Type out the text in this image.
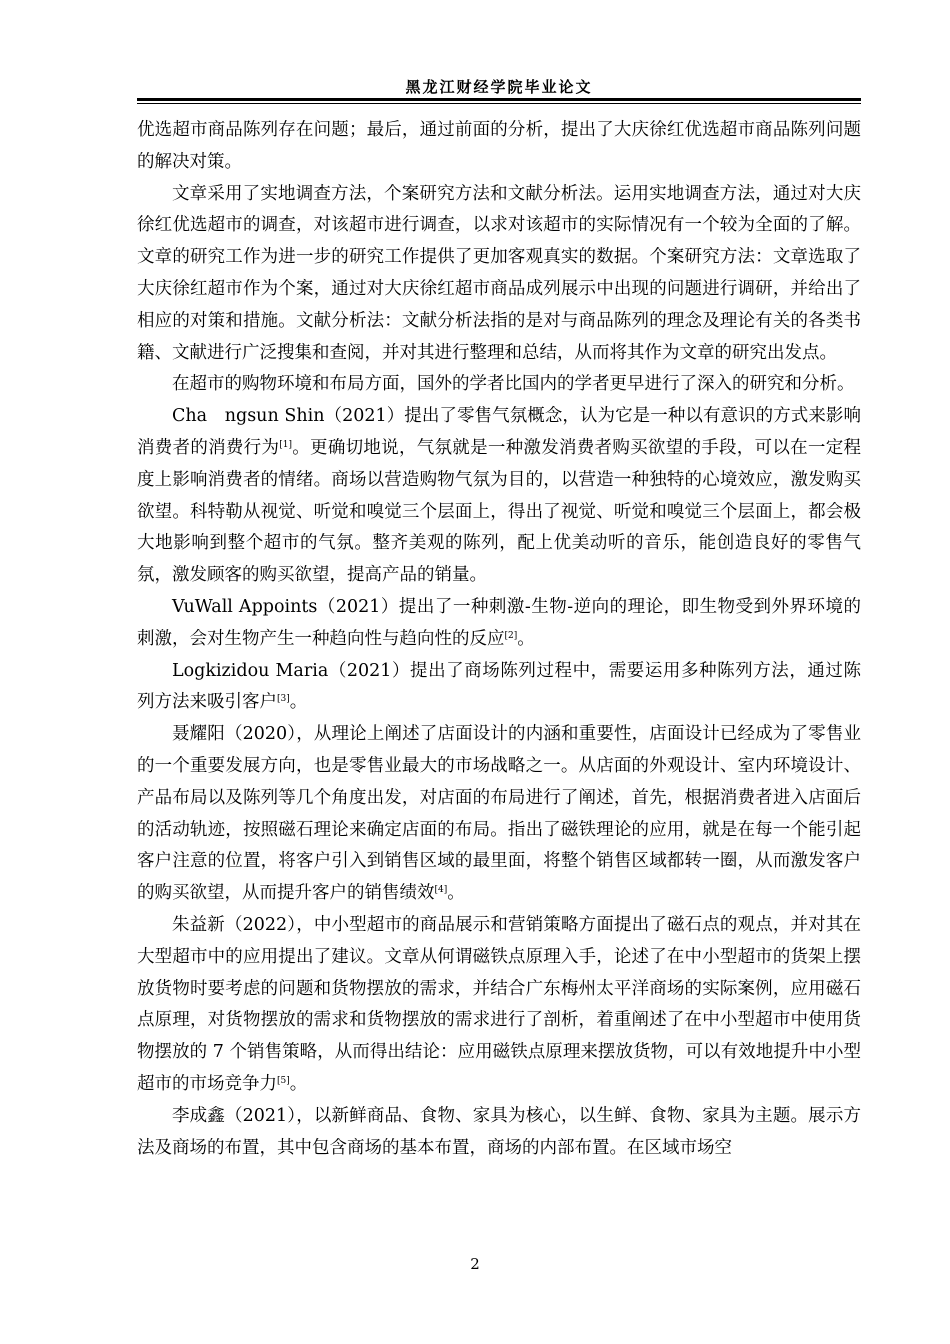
黑龙江财经学院毕业论文

优选超市商品陈列存在问题；最后，通过前面的分析，提出了大庆徐红优选超市商品陈列问题的解决对策。

文章采用了实地调查方法，个案研究方法和文献分析法。运用实地调查方法，通过对大庆徐红优选超市的调查，对该超市进行调查，以求对该超市的实际情况有一个较为全面的了解。文章的研究工作为进一步的研究工作提供了更加客观真实的数据。个案研究方法：文章选取了大庆徐红超市作为个案，通过对大庆徐红超市商品成列展示中出现的问题进行调研，并给出了相应的对策和措施。文献分析法：文献分析法指的是对与商品陈列的理念及理论有关的各类书籍、文献进行广泛搜集和查阅，并对其进行整理和总结，从而将其作为文章的研究出发点。

在超市的购物环境和布局方面，国外的学者比国内的学者更早进行了深入的研究和分析。

Cha　ngsun Shin（2021）提出了零售气氛概念，认为它是一种以有意识的方式来影响消费者的消费行为[1]。更确切地说，气氛就是一种激发消费者购买欲望的手段，可以在一定程度上影响消费者的情绪。商场以营造购物气氛为目的，以营造一种独特的心境效应，激发购买欲望。科特勒从视觉、听觉和嗅觉三个层面上，得出了视觉、听觉和嗅觉三个层面上，都会极大地影响到整个超市的气氛。整齐美观的陈列，配上优美动听的音乐，能创造良好的零售气氛，激发顾客的购买欲望，提高产品的销量。

VuWall Appoints（2021）提出了一种刺激-生物-逆向的理论，即生物受到外界环境的刺激，会对生物产生一种趋向性与趋向性的反应[2]。

Logkizidou Maria（2021）提出了商场陈列过程中，需要运用多种陈列方法，通过陈列方法来吸引客户[3]。

聂耀阳（2020），从理论上阐述了店面设计的内涵和重要性，店面设计已经成为了零售业的一个重要发展方向，也是零售业最大的市场战略之一。从店面的外观设计、室内环境设计、产品布局以及陈列等几个角度出发，对店面的布局进行了阐述，首先，根据消费者进入店面后的活动轨迹，按照磁石理论来确定店面的布局。指出了磁铁理论的应用，就是在每一个能引起客户注意的位置，将客户引入到销售区域的最里面，将整个销售区域都转一圈，从而激发客户的购买欲望，从而提升客户的销售绩效[4]。

朱益新（2022），中小型超市的商品展示和营销策略方面提出了磁石点的观点，并对其在大型超市中的应用提出了建议。文章从何谓磁铁点原理入手，论述了在中小型超市的货架上摆放货物时要考虑的问题和货物摆放的需求，并结合广东梅州太平洋商场的实际案例，应用磁石点原理，对货物摆放的需求和货物摆放的需求进行了剖析，着重阐述了在中小型超市中使用货物摆放的 7 个销售策略，从而得出结论：应用磁铁点原理来摆放货物，可以有效地提升中小型超市的市场竞争力[5]。

李成鑫（2021），以新鲜商品、食物、家具为核心，以生鲜、食物、家具为主题。展示方法及商场的布置，其中包含商场的基本布置，商场的内部布置。在区域市场空

2
